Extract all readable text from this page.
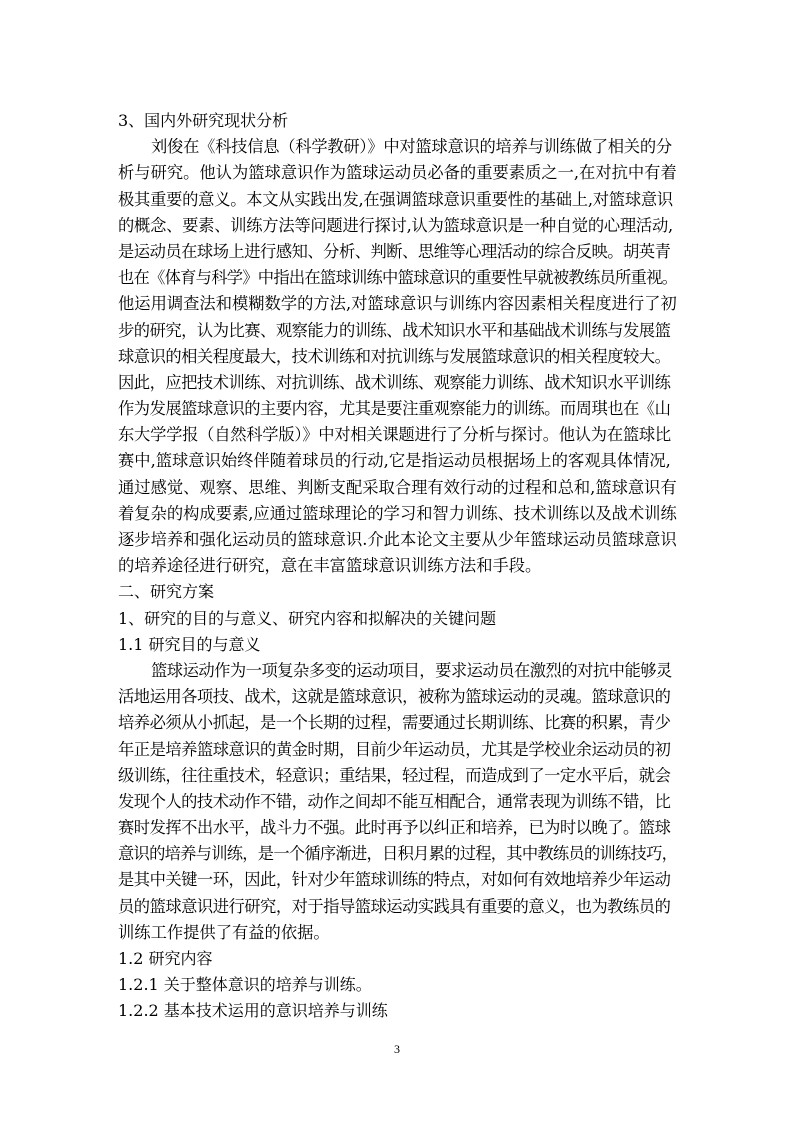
3、国内外研究现状分析
刘俊在《科技信息（科学教研）》中对篮球意识的培养与训练做了相关的分
析与研究。他认为篮球意识作为篮球运动员必备的重要素质之一,在对抗中有着
极其重要的意义。本文从实践出发,在强调篮球意识重要性的基础上,对篮球意识
的概念、要素、训练方法等问题进行探讨,认为篮球意识是一种自觉的心理活动,
是运动员在球场上进行感知、分析、判断、思维等心理活动的综合反映。胡英青
也在《体育与科学》中指出在篮球训练中篮球意识的重要性早就被教练员所重视。
他运用调查法和模糊数学的方法,对篮球意识与训练内容因素相关程度进行了初
步的研究，认为比赛、观察能力的训练、战术知识水平和基础战术训练与发展篮
球意识的相关程度最大，技术训练和对抗训练与发展篮球意识的相关程度较大。
因此，应把技术训练、对抗训练、战术训练、观察能力训练、战术知识水平训练
作为发展篮球意识的主要内容，尤其是要注重观察能力的训练。而周琪也在《山
东大学学报（自然科学版）》中对相关课题进行了分析与探讨。他认为在篮球比
赛中,篮球意识始终伴随着球员的行动,它是指运动员根据场上的客观具体情况,
通过感觉、观察、思维、判断支配采取合理有效行动的过程和总和,篮球意识有
着复杂的构成要素,应通过篮球理论的学习和智力训练、技术训练以及战术训练
逐步培养和强化运动员的篮球意识.介此本论文主要从少年篮球运动员篮球意识
的培养途径进行研究，意在丰富篮球意识训练方法和手段。
二、研究方案
1、研究的目的与意义、研究内容和拟解决的关键问题
1.1 研究目的与意义
篮球运动作为一项复杂多变的运动项目，要求运动员在激烈的对抗中能够灵
活地运用各项技、战术，这就是篮球意识，被称为篮球运动的灵魂。篮球意识的
培养必须从小抓起，是一个长期的过程，需要通过长期训练、比赛的积累，青少
年正是培养篮球意识的黄金时期，目前少年运动员，尤其是学校业余运动员的初
级训练，往往重技术，轻意识；重结果，轻过程，而造成到了一定水平后，就会
发现个人的技术动作不错，动作之间却不能互相配合，通常表现为训练不错，比
赛时发挥不出水平，战斗力不强。此时再予以纠正和培养，已为时以晚了。篮球
意识的培养与训练，是一个循序渐进，日积月累的过程，其中教练员的训练技巧，
是其中关键一环，因此，针对少年篮球训练的特点，对如何有效地培养少年运动
员的篮球意识进行研究，对于指导篮球运动实践具有重要的意义，也为教练员的
训练工作提供了有益的依据。
1.2 研究内容
1.2.1 关于整体意识的培养与训练。
1.2.2 基本技术运用的意识培养与训练
3
